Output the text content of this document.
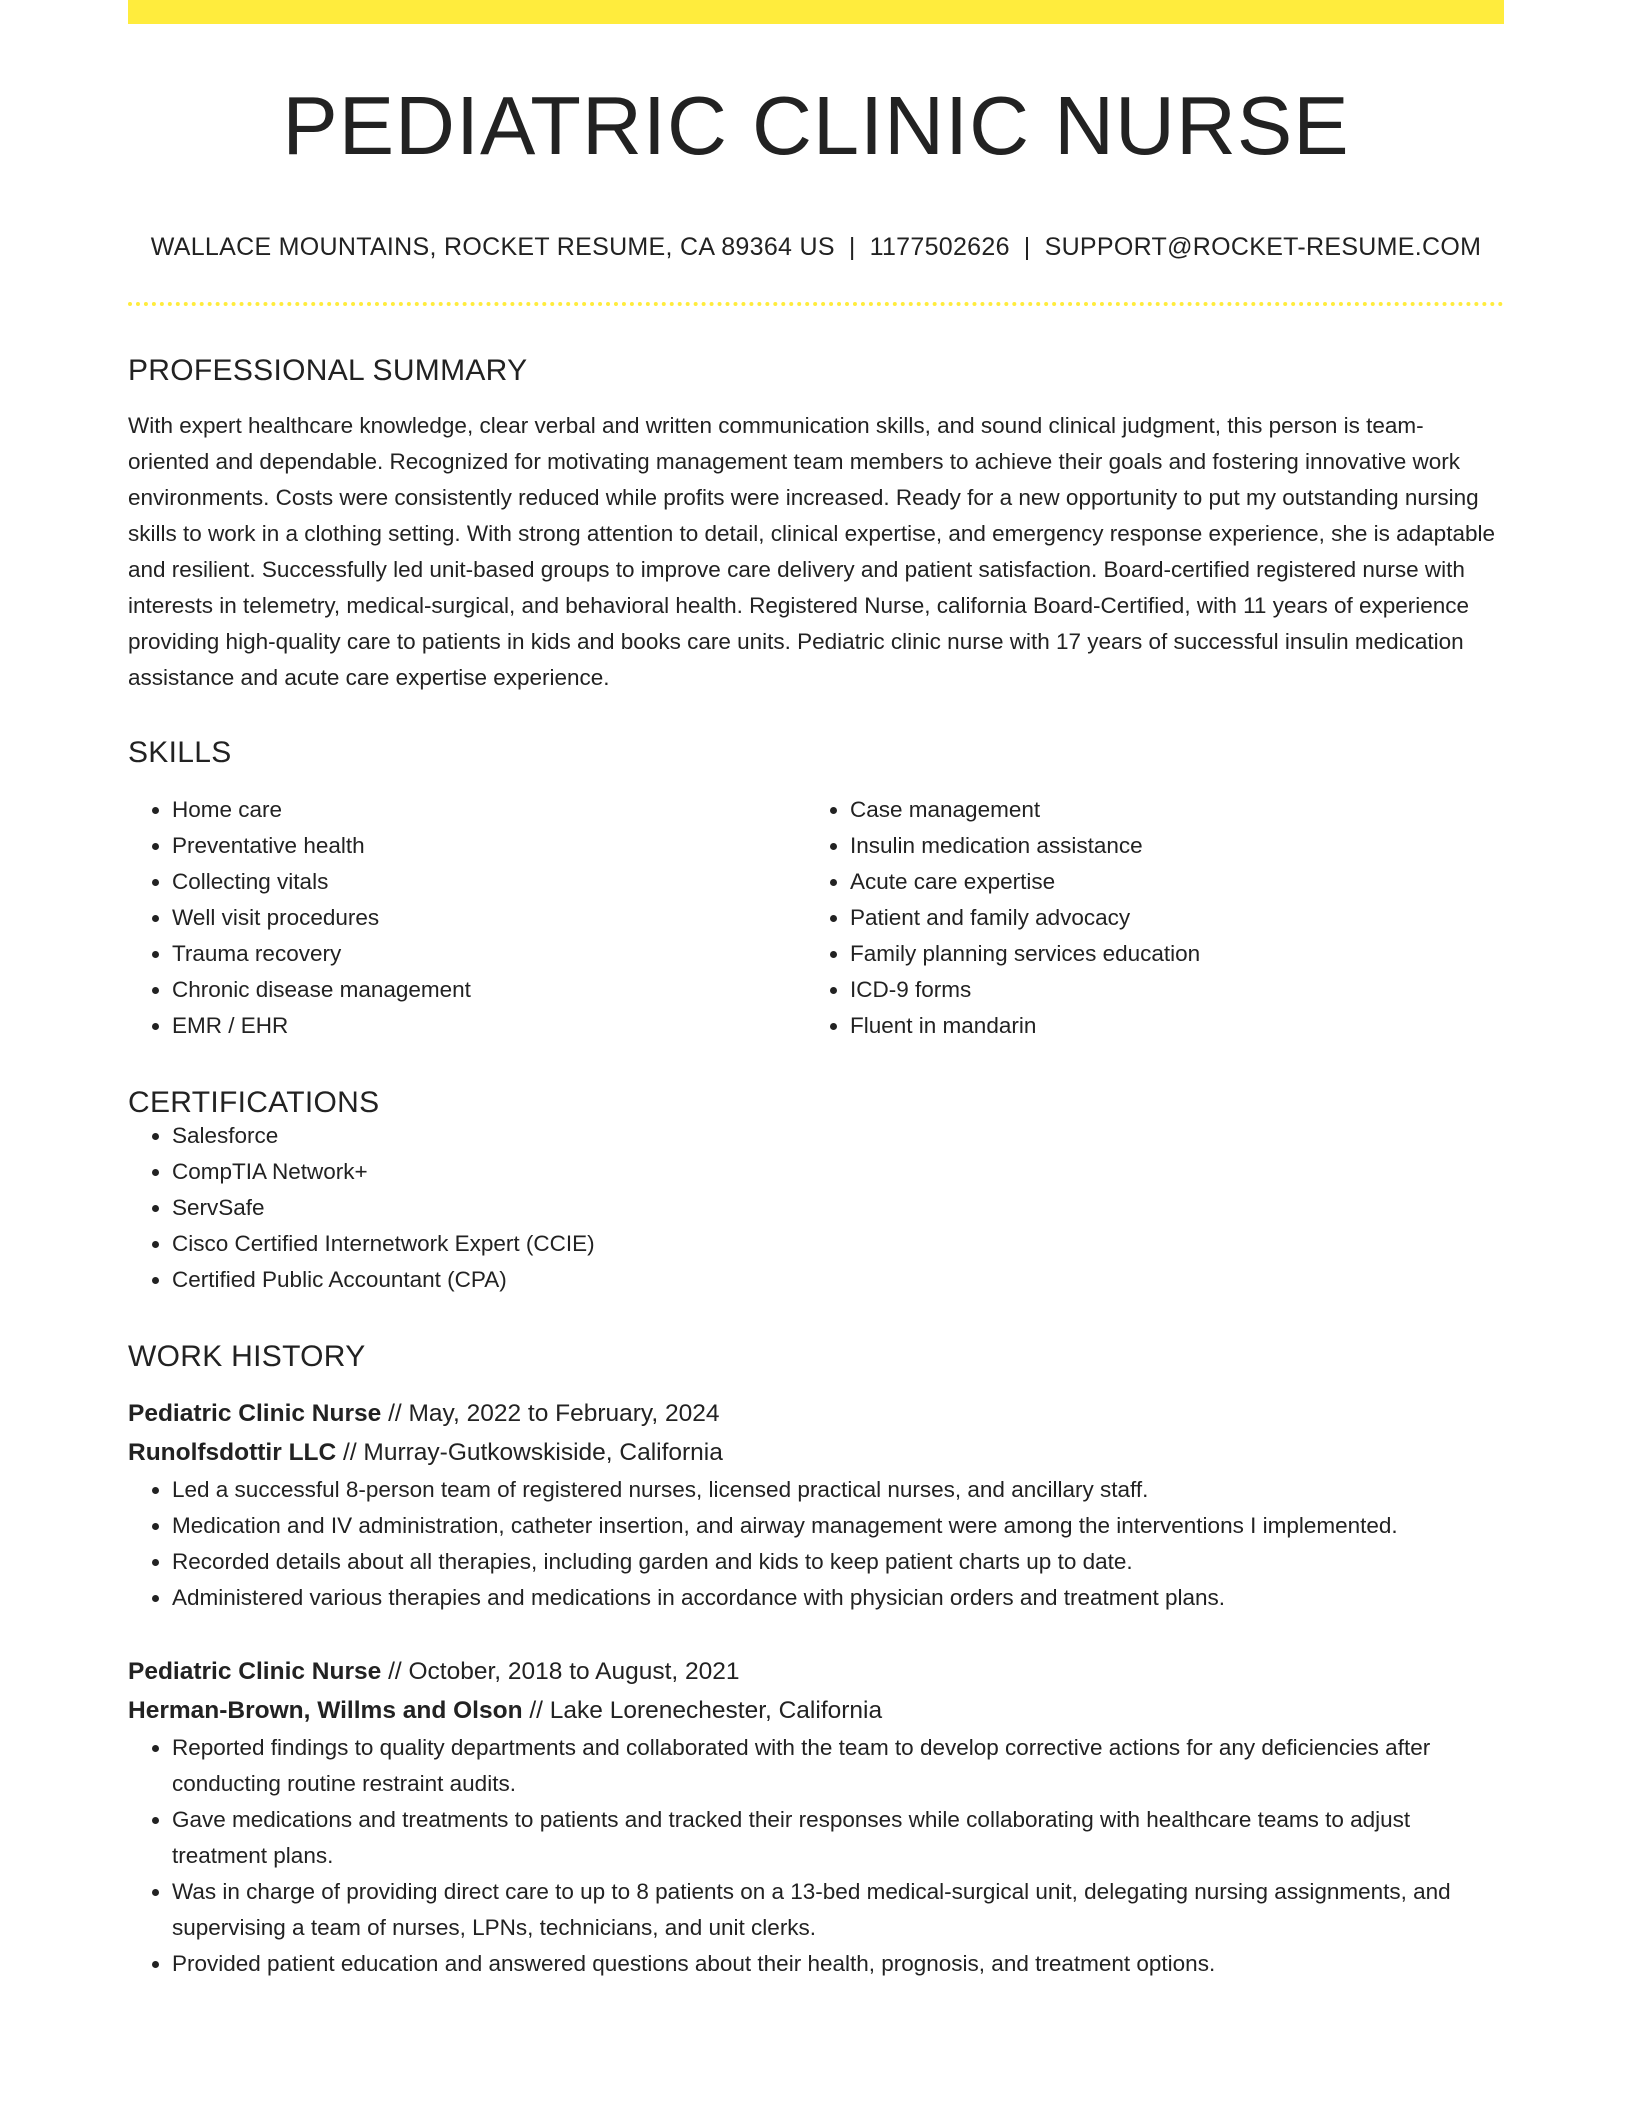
PEDIATRIC CLINIC NURSE
WALLACE MOUNTAINS, ROCKET RESUME, CA 89364 US | 1177502626 | SUPPORT@ROCKET-RESUME.COM
PROFESSIONAL SUMMARY

With expert healthcare knowledge, clear verbal and written communication skills, and sound clinical judgment, this person is team-oriented and dependable. Recognized for motivating management team members to achieve their goals and fostering innovative work environments. Costs were consistently reduced while profits were increased. Ready for a new opportunity to put my outstanding nursing skills to work in a clothing setting. With strong attention to detail, clinical expertise, and emergency response experience, she is adaptable and resilient. Successfully led unit-based groups to improve care delivery and patient satisfaction. Board-certified registered nurse with interests in telemetry, medical-surgical, and behavioral health. Registered Nurse, california Board-Certified, with 11 years of experience providing high-quality care to patients in kids and books care units. Pediatric clinic nurse with 17 years of successful insulin medication assistance and acute care expertise experience.

SKILLS
• Home care
• Preventative health
• Collecting vitals
• Well visit procedures
• Trauma recovery
• Chronic disease management
• EMR / EHR
• Case management
• Insulin medication assistance
• Acute care expertise
• Patient and family advocacy
• Family planning services education
• ICD-9 forms
• Fluent in mandarin
CERTIFICATIONS
• Salesforce
• CompTIA Network+
• ServSafe
• Cisco Certified Internetwork Expert (CCIE)
• Certified Public Accountant (CPA)
WORK HISTORY
Pediatric Clinic Nurse // May, 2022 to February, 2024
Runolfsdottir LLC // Murray-Gutkowskiside, California
• Led a successful 8-person team of registered nurses, licensed practical nurses, and ancillary staff.
• Medication and IV administration, catheter insertion, and airway management were among the interventions I implemented.
• Recorded details about all therapies, including garden and kids to keep patient charts up to date.
• Administered various therapies and medications in accordance with physician orders and treatment plans.
Pediatric Clinic Nurse // October, 2018 to August, 2021
Herman-Brown, Willms and Olson // Lake Lorenechester, California
• Reported findings to quality departments and collaborated with the team to develop corrective actions for any deficiencies after conducting routine restraint audits.
• Gave medications and treatments to patients and tracked their responses while collaborating with healthcare teams to adjust treatment plans.
• Was in charge of providing direct care to up to 8 patients on a 13-bed medical-surgical unit, delegating nursing assignments, and supervising a team of nurses, LPNs, technicians, and unit clerks.
• Provided patient education and answered questions about their health, prognosis, and treatment options.
